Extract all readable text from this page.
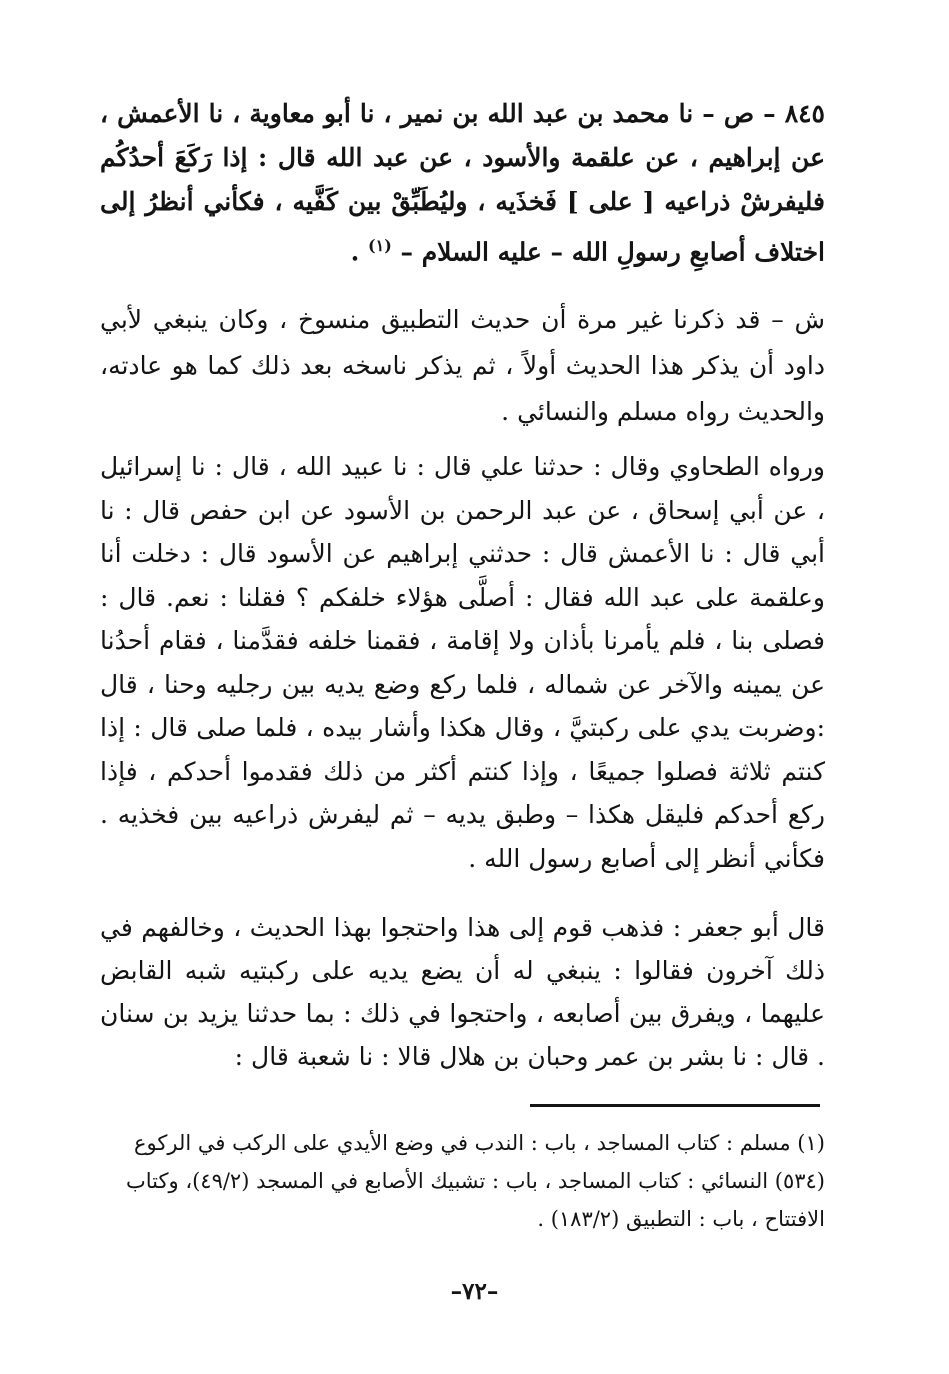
٨٤٥ – ص – نا محمد بن عبد الله بن نمير ، نا أبو معاوية ، نا الأعمش ، عن إبراهيم ، عن علقمة والأسود ، عن عبد الله قال : إذا رَكَعَ أحدُكُم فليفرشْ ذراعيه [ على ] فَخذَيه ، وليُطَبِّقْ بين كَفَّيه ، فكأني أنظرُ إلى اختلاف أصابعِ رسولِ الله – عليه السلام – $^{(١)}$ .
ش – قد ذكرنا غير مرة أن حديث التطبيق منسوخ ، وكان ينبغي لأبي داود أن يذكر هذا الحديث أولاً ، ثم يذكر ناسخه بعد ذلك كما هو عادته، والحديث رواه مسلم والنسائي .
ورواه الطحاوي وقال : حدثنا علي قال : نا عبيد الله ، قال : نا إسرائيل ، عن أبي إسحاق ، عن عبد الرحمن بن الأسود عن ابن حفص قال : نا أبي قال : نا الأعمش قال : حدثني إبراهيم عن الأسود قال : دخلت أنا وعلقمة على عبد الله فقال : أصلَّى هؤلاء خلفكم ؟ فقلنا : نعم. قال : فصلى بنا ، فلم يأمرنا بأذان ولا إقامة ، فقمنا خلفه فقدَّمنا ، فقام أحدُنا عن يمينه والآخر عن شماله ، فلما ركع وضع يديه بين رجليه وحنا ، قال :وضربت يدي على ركبتيَّ ، وقال هكذا وأشار بيده ، فلما صلى قال : إذا كنتم ثلاثة فصلوا جميعًا ، وإذا كنتم أكثر من ذلك فقدموا أحدكم ، فإذا ركع أحدكم فليقل هكذا – وطبق يديه – ثم ليفرش ذراعيه بين فخذيه . فكأني أنظر إلى أصابع رسول الله .
قال أبو جعفر : فذهب قوم إلى هذا واحتجوا بهذا الحديث ، وخالفهم في ذلك آخرون فقالوا : ينبغي له أن يضع يديه على ركبتيه شبه القابض عليهما ، ويفرق بين أصابعه ، واحتجوا في ذلك : بما حدثنا يزيد بن سنان . قال : نا بشر بن عمر وحبان بن هلال قالا : نا شعبة قال :
(١) مسلم : كتاب المساجد ، باب : الندب في وضع الأيدي على الركب في الركوع (٥٣٤) النسائي : كتاب المساجد ، باب : تشبيك الأصابع في المسجد (٤٩/٢)، وكتاب الافتتاح ، باب : التطبيق (١٨٣/٢) .
–٧٢–
